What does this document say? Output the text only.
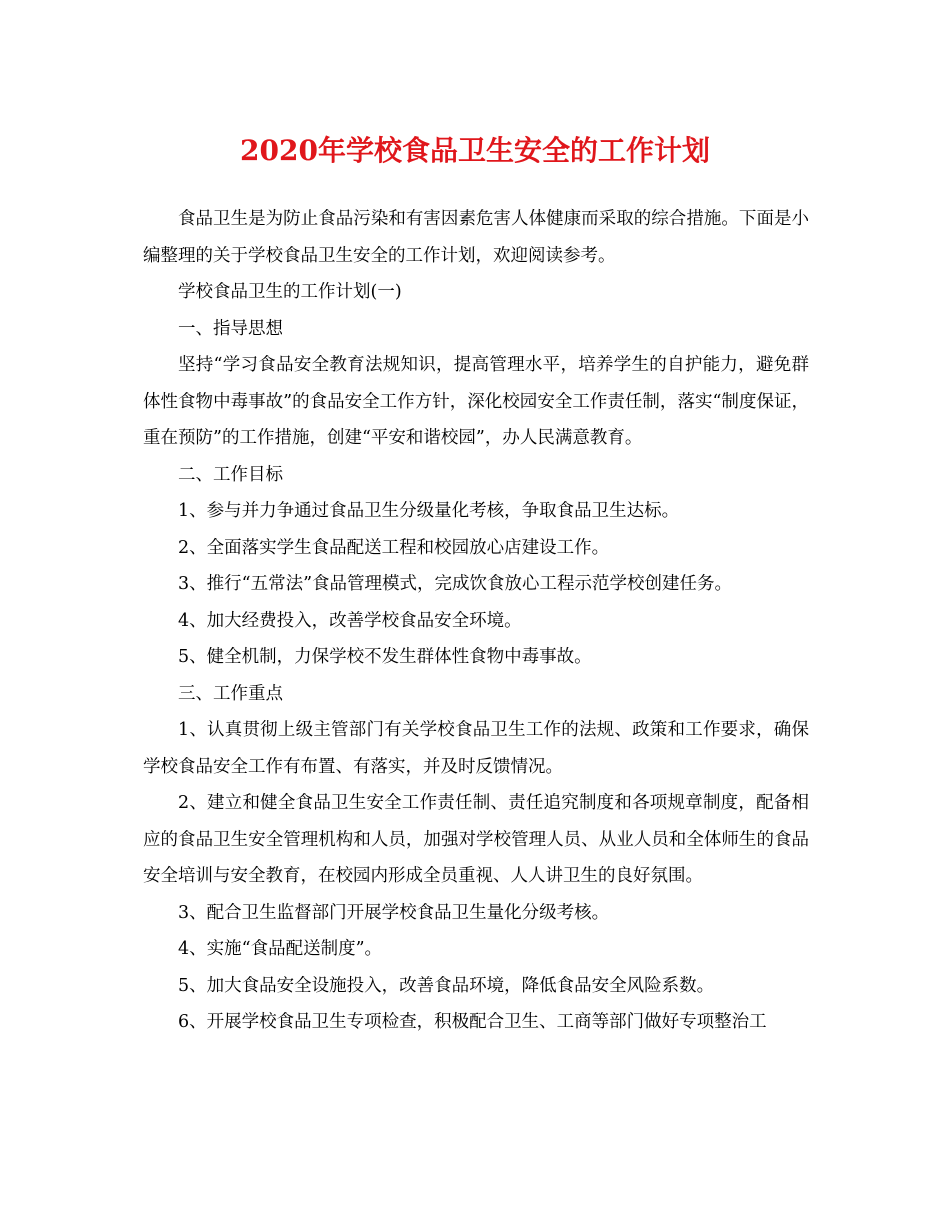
2020年学校食品卫生安全的工作计划

食品卫生是为防止食品污染和有害因素危害人体健康而采取的综合措施。下面是小编整理的关于学校食品卫生安全的工作计划，欢迎阅读参考。

学校食品卫生的工作计划(一)

一、指导思想

坚持“学习食品安全教育法规知识，提高管理水平，培养学生的自护能力，避免群体性食物中毒事故”的食品安全工作方针，深化校园安全工作责任制，落实“制度保证，重在预防”的工作措施，创建“平安和谐校园”，办人民满意教育。

二、工作目标

1、参与并力争通过食品卫生分级量化考核，争取食品卫生达标。

2、全面落实学生食品配送工程和校园放心店建设工作。

3、推行“五常法”食品管理模式，完成饮食放心工程示范学校创建任务。

4、加大经费投入，改善学校食品安全环境。

5、健全机制，力保学校不发生群体性食物中毒事故。

三、工作重点

1、认真贯彻上级主管部门有关学校食品卫生工作的法规、政策和工作要求，确保学校食品安全工作有布置、有落实，并及时反馈情况。

2、建立和健全食品卫生安全工作责任制、责任追究制度和各项规章制度，配备相应的食品卫生安全管理机构和人员，加强对学校管理人员、从业人员和全体师生的食品安全培训与安全教育，在校园内形成全员重视、人人讲卫生的良好氛围。

3、配合卫生监督部门开展学校食品卫生量化分级考核。

4、实施“食品配送制度”。

5、加大食品安全设施投入，改善食品环境，降低食品安全风险系数。

6、开展学校食品卫生专项检查，积极配合卫生、工商等部门做好专项整治工
